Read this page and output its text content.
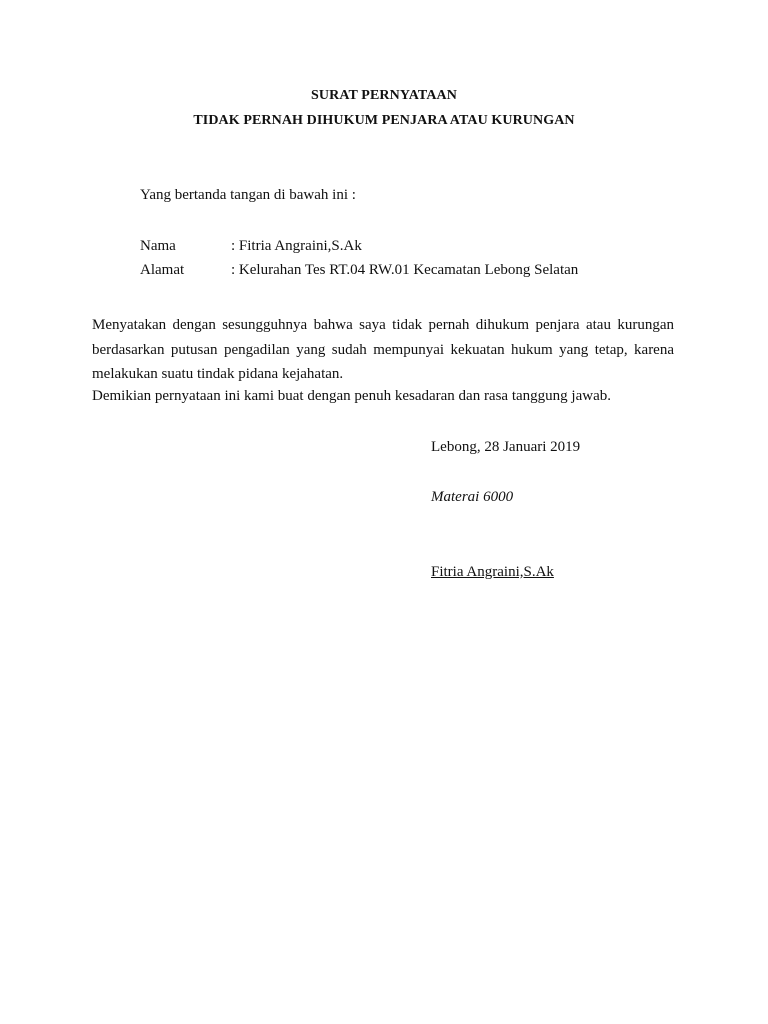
SURAT PERNYATAAN
TIDAK PERNAH DIHUKUM PENJARA ATAU KURUNGAN
Yang bertanda tangan di bawah ini :
Nama	: Fitria Angraini,S.Ak
Alamat	: Kelurahan Tes RT.04 RW.01 Kecamatan Lebong Selatan
Menyatakan dengan sesungguhnya bahwa saya tidak pernah dihukum penjara atau kurungan berdasarkan putusan pengadilan yang sudah mempunyai kekuatan hukum yang tetap, karena melakukan suatu tindak pidana kejahatan.
Demikian pernyataan ini kami buat dengan penuh kesadaran dan rasa tanggung jawab.
Lebong, 28 Januari 2019
Materai 6000
Fitria Angraini,S.Ak
